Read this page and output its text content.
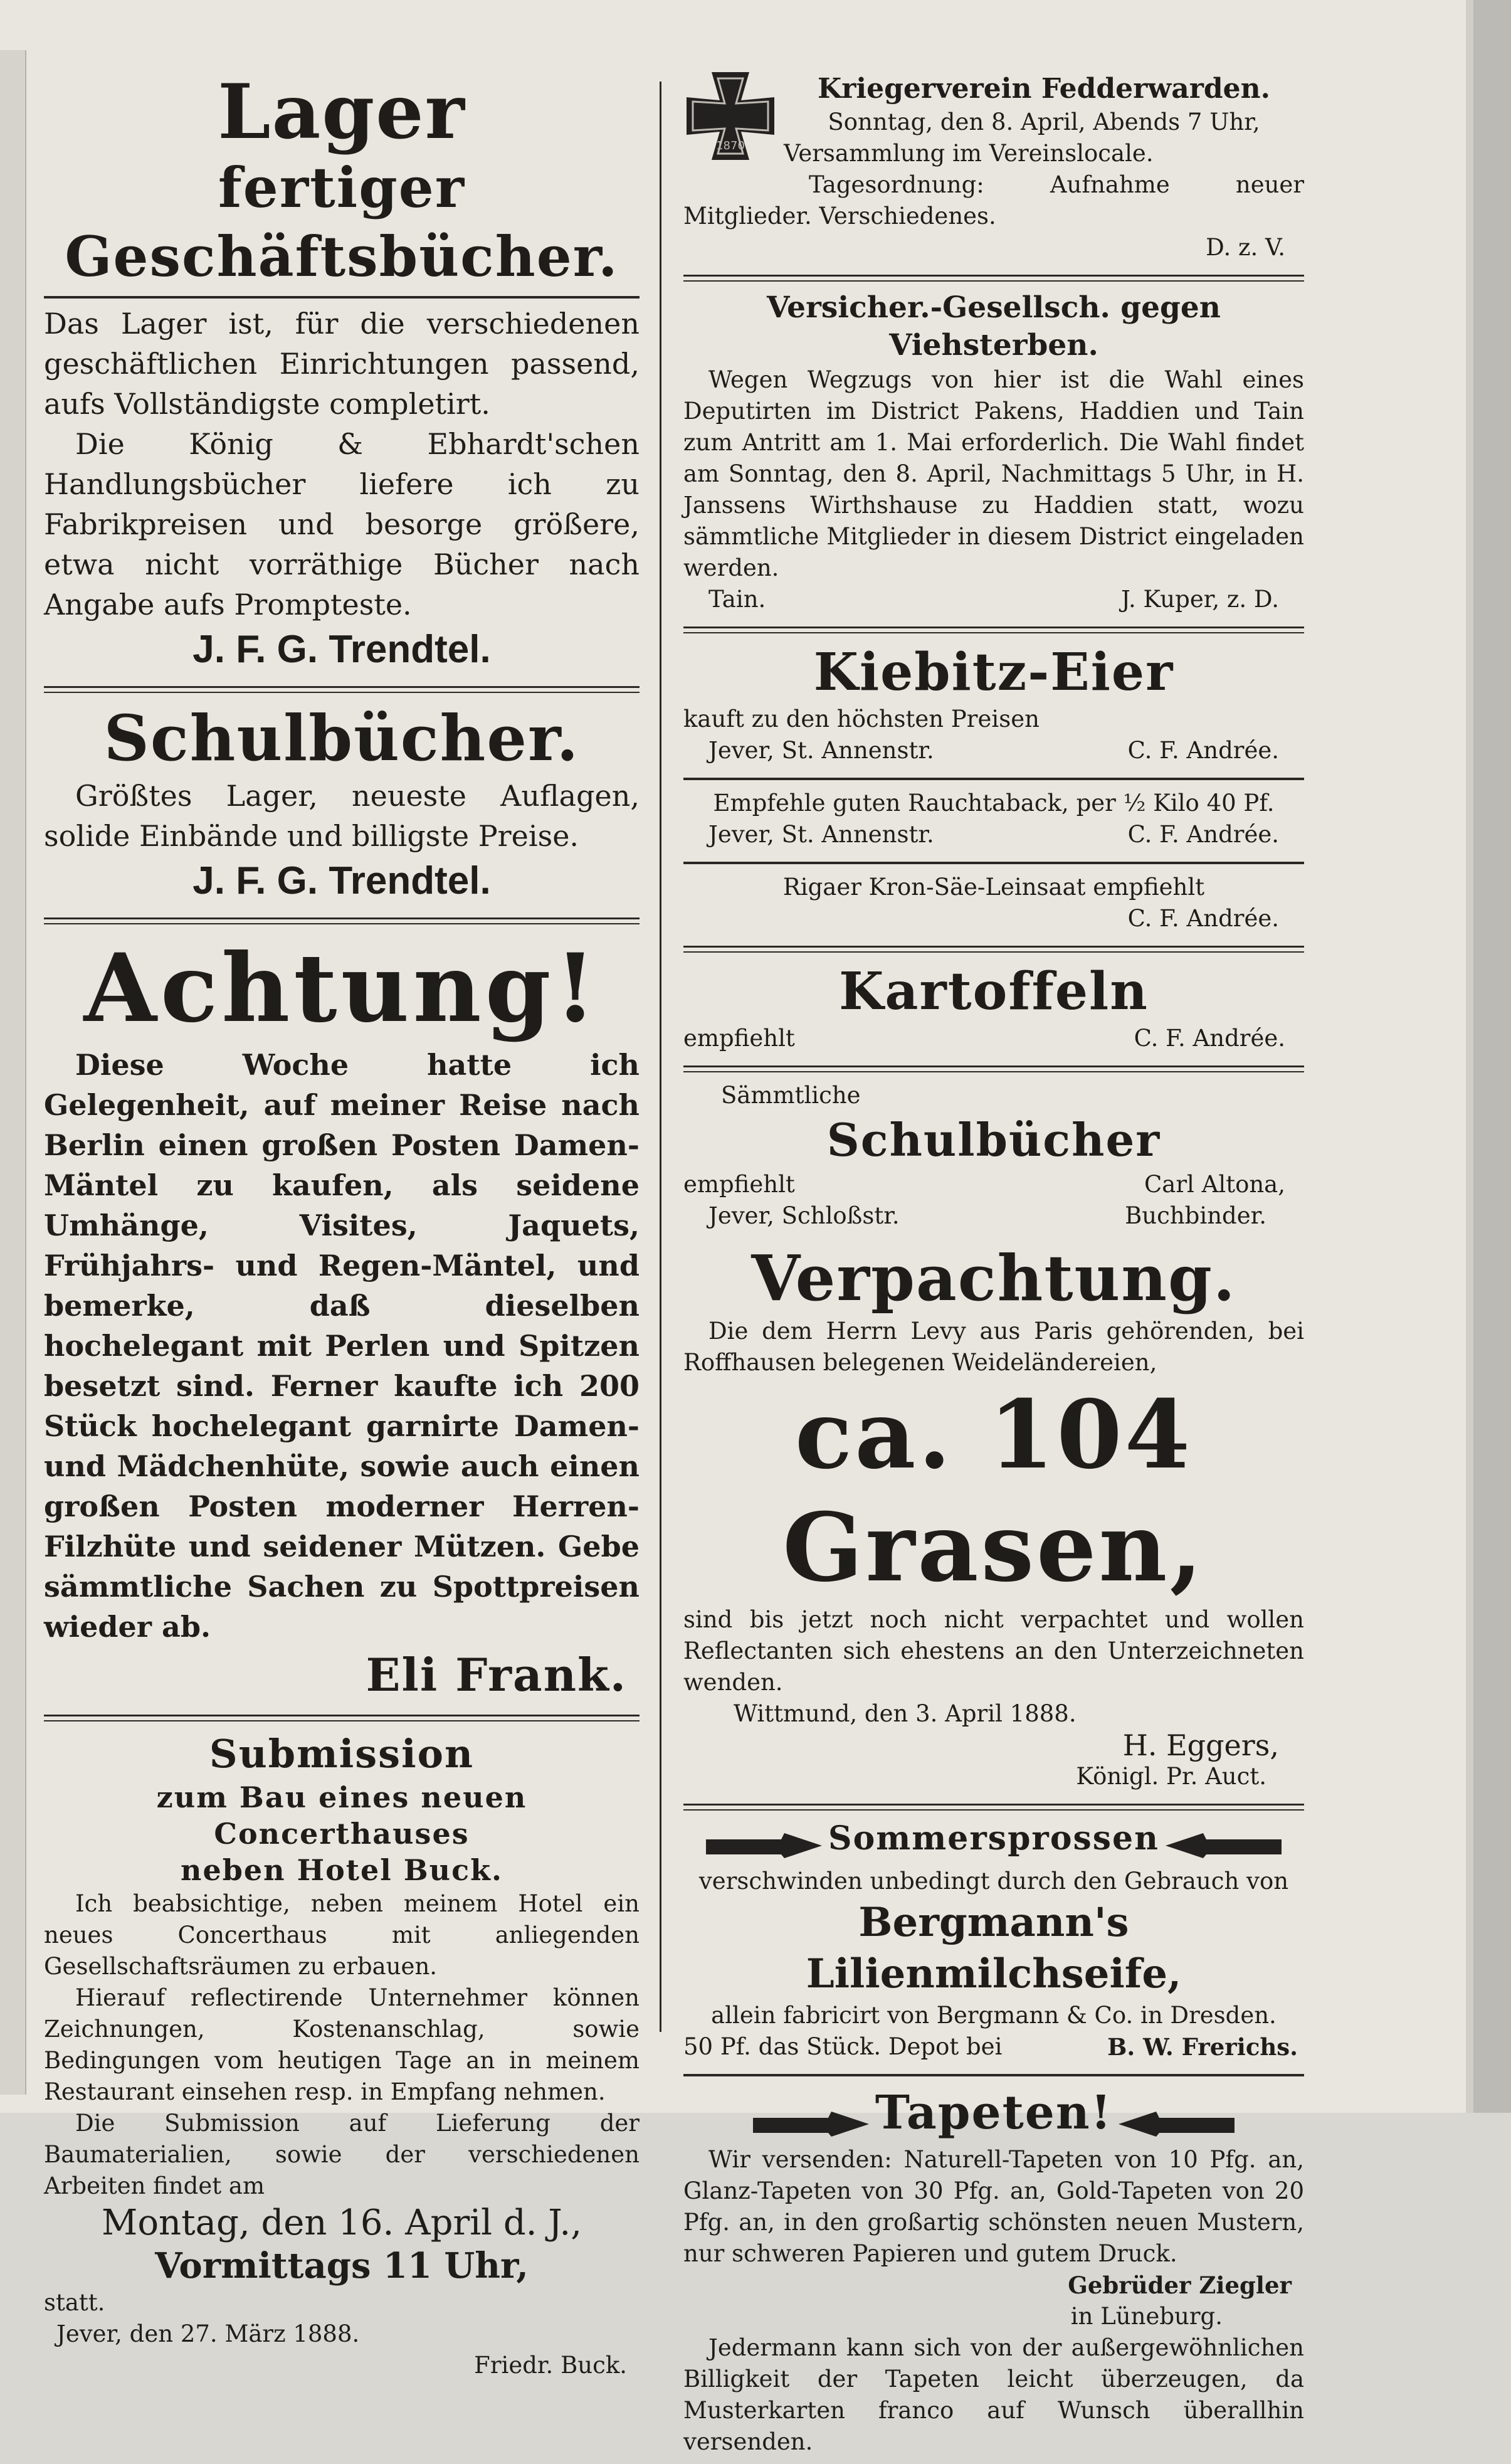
Lager
fertiger Geschäftsbücher.
Das Lager ist, für die verschiedenen geschäftlichen Einrichtungen passend, aufs Vollständigste completirt.
Die König & Ebhardt'schen Handlungsbücher liefere ich zu Fabrikpreisen und besorge größere, etwa nicht vorräthige Bücher nach Angabe aufs Prompteste.
J. F. G. Trendtel.
Schulbücher.
Größtes Lager, neueste Auflagen, solide Einbände und billigste Preise.
J. F. G. Trendtel.
Achtung!
Diese Woche hatte ich Gelegenheit, auf meiner Reise nach Berlin einen großen Posten Damen-Mäntel zu kaufen, als seidene Umhänge, Visites, Jaquets, Frühjahrs- und Regen-Mäntel, und bemerke, daß dieselben hochelegant mit Perlen und Spitzen besetzt sind. Ferner kaufte ich 200 Stück hochelegant garnirte Damen- und Mädchenhüte, sowie auch einen großen Posten moderner Herren-Filzhüte und seidener Mützen. Gebe sämmtliche Sachen zu Spottpreisen wieder ab.
Eli Frank.
Submission
zum Bau eines neuen Concerthauses
neben Hotel Buck.
Ich beabsichtige, neben meinem Hotel ein neues Concerthaus mit anliegenden Gesellschaftsräumen zu erbauen.
Hierauf reflectirende Unternehmer können Zeichnungen, Kostenanschlag, sowie Bedingungen vom heutigen Tage an in meinem Restaurant einsehen resp. in Empfang nehmen.
Die Submission auf Lieferung der Baumaterialien, sowie der verschiedenen Arbeiten findet am
Montag, den 16. April d. J.,
Vormittags 11 Uhr,
statt.
Jever, den 27. März 1888.
Friedr. Buck.
1870
Kriegerverein Fedderwarden.
Sonntag, den 8. April, Abends 7 Uhr,
Versammlung im Vereinslocale.
Tagesordnung: Aufnahme neuer Mitglieder. Verschiedenes.
D. z. V.
Versicher.-Gesellsch. gegen Viehsterben.
Wegen Wegzugs von hier ist die Wahl eines Deputirten im District Pakens, Haddien und Tain zum Antritt am 1. Mai erforderlich. Die Wahl findet am Sonntag, den 8. April, Nachmittags 5 Uhr, in H. Janssens Wirthshause zu Haddien statt, wozu sämmtliche Mitglieder in diesem District eingeladen werden.
Tain.	J. Kuper, z. D.
Kiebitz-Eier
kauft zu den höchsten Preisen
Jever, St. Annenstr.	C. F. Andrée.
Empfehle guten Rauchtaback, per ½ Kilo 40 Pf.
Jever, St. Annenstr.	C. F. Andrée.
Rigaer Kron-Säe-Leinsaat empfiehlt
C. F. Andrée.
Kartoffeln
empfiehlt	C. F. Andrée.
Sämmtliche
Schulbücher
empfiehlt	Carl Altona,
Jever, Schloßstr.	Buchbinder.
Verpachtung.
Die dem Herrn Levy aus Paris gehörenden, bei Roffhausen belegenen Weideländereien,
ca. 104 Grasen,
sind bis jetzt noch nicht verpachtet und wollen Reflectanten sich ehestens an den Unterzeichneten wenden.
Wittmund, den 3. April 1888.
H. Eggers,
Königl. Pr. Auct.
Sommersprossen
verschwinden unbedingt durch den Gebrauch von
Bergmann's Lilienmilchseife,
allein fabricirt von Bergmann & Co. in Dresden.
50 Pf. das Stück. Depot bei	B. W. Frerichs.
Tapeten!
Wir versenden: Naturell-Tapeten von 10 Pfg. an, Glanz-Tapeten von 30 Pfg. an, Gold-Tapeten von 20 Pfg. an, in den großartig schönsten neuen Mustern, nur schweren Papieren und gutem Druck.
Gebrüder Ziegler
in Lüneburg.
Jedermann kann sich von der außergewöhnlichen Billigkeit der Tapeten leicht überzeugen, da Musterkarten franco auf Wunsch überallhin versenden.
